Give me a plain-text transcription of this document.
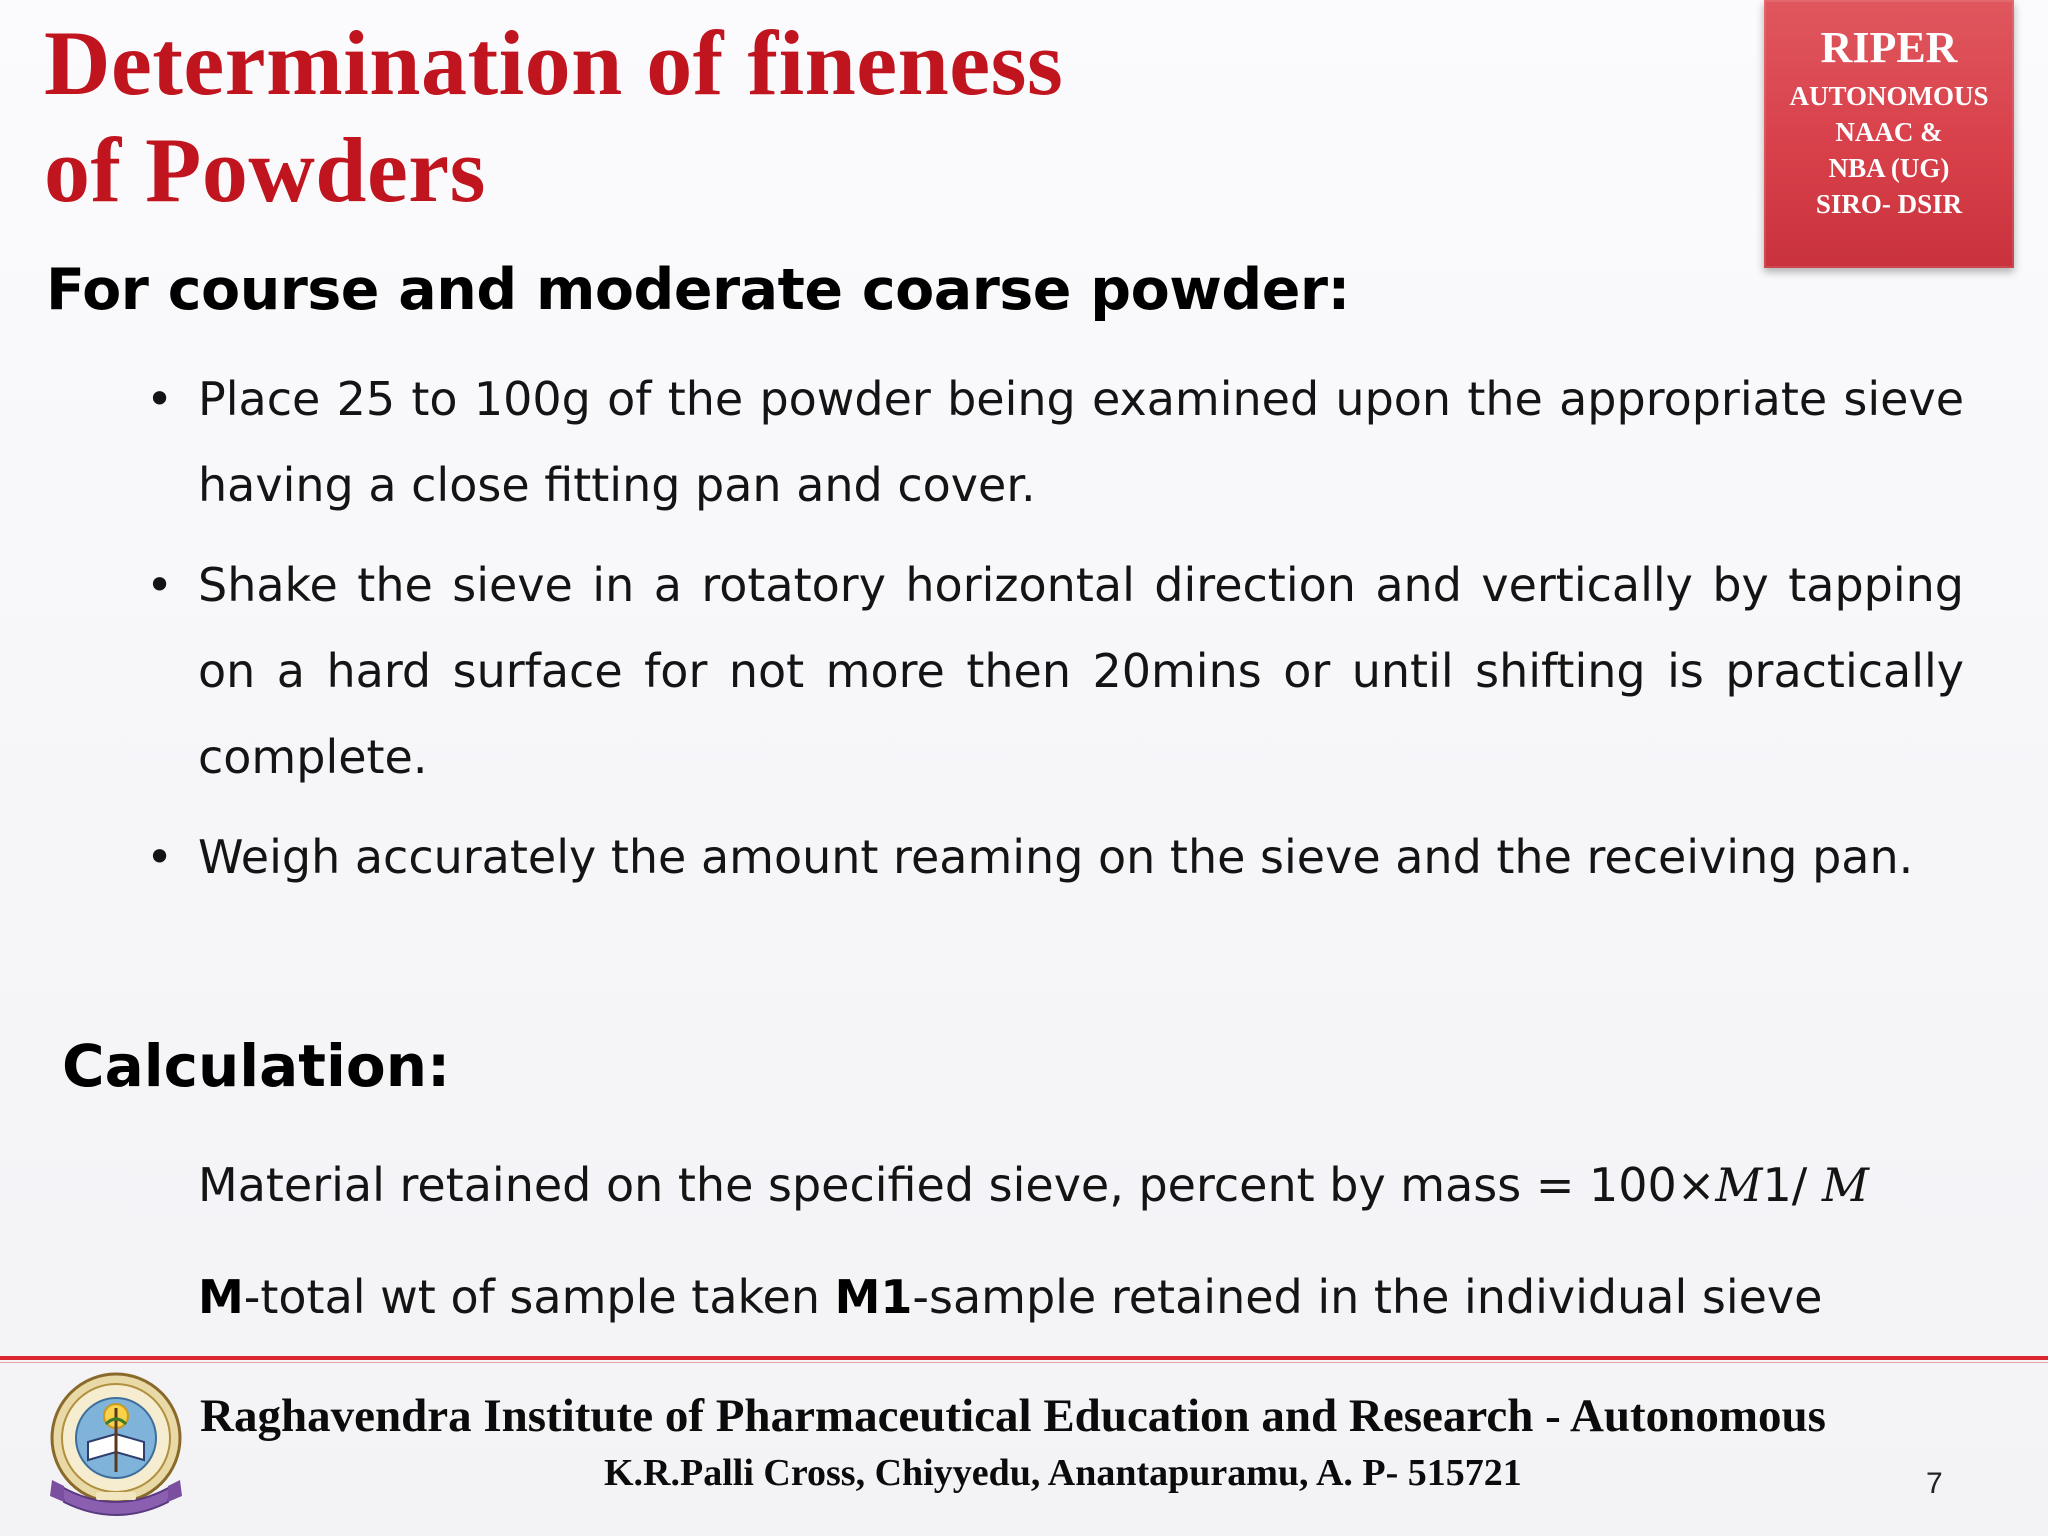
Determination of fineness
of Powders
RIPER
AUTONOMOUS
NAAC &
NBA (UG)
SIRO- DSIR
For course and moderate coarse powder:
• Place 25 to 100g of the powder being examined upon the appropriate sieve having a close fitting pan and cover.
• Shake the sieve in a rotatory horizontal direction and vertically by tapping on a hard surface for not more then 20mins or until shifting is practically complete.
• Weigh accurately the amount reaming on the sieve and the receiving pan.
Calculation:
Material retained on the specified sieve, percent by mass = 100×M1/ M
M-total wt of sample taken M1-sample retained in the individual sieve

Raghavendra Institute of Pharmaceutical Education and Research - Autonomous

K.R.Palli Cross, Chiyyedu, Anantapuramu, A. P- 515721	7
